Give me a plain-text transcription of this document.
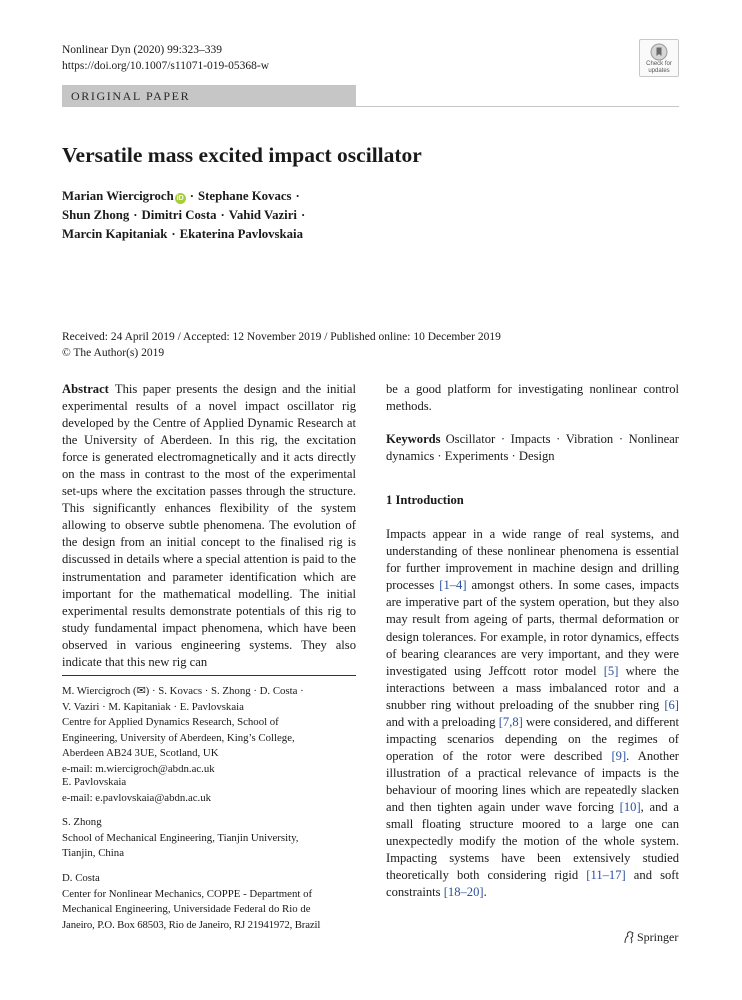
Nonlinear Dyn (2020) 99:323–339
https://doi.org/10.1007/s11071-019-05368-w	Check for
updates
ORIGINAL PAPER
Versatile mass excited impact oscillator
Marian Wiercigroch iD · Stephane Kovacs ·
Shun Zhong · Dimitri Costa · Vahid Vaziri ·
Marcin Kapitaniak · Ekaterina Pavlovskaia
Received: 24 April 2019 / Accepted: 12 November 2019 / Published online: 10 December 2019
© The Author(s) 2019
Abstract This paper presents the design and the initial experimental results of a novel impact oscillator rig developed by the Centre of Applied Dynamic Research at the University of Aberdeen. In this rig, the excitation force is generated electromagnetically and it acts directly on the mass in contrast to the most of the experimental set-ups where the excitation passes through the structure. This significantly enhances flexibility of the system allowing to observe subtle phenomena. The evolution of the design from an initial concept to the finalised rig is discussed in details where a special attention is paid to the instrumentation and parameter identification which are important for the mathematical modelling. The initial experimental results demonstrate potentials of this rig to study fundamental impact phenomena, which have been observed in various engineering systems. They also indicate that this new rig can

be a good platform for investigating nonlinear control methods.

Keywords Oscillator · Impacts · Vibration · Nonlinear dynamics · Experiments · Design

1 Introduction

Impacts appear in a wide range of real systems, and understanding of these nonlinear phenomena is essential for further improvement in machine design and drilling processes [1–4] amongst others. In some cases, impacts are imperative part of the system operation, but they also may result from ageing of parts, thermal deformation or design tolerances. For example, in rotor dynamics, effects of bearing clearances are very important, and they were investigated using Jeffcott rotor model [5] where the interactions between a mass imbalanced rotor and a snubber ring without preloading of the snubber ring [6] and with a preloading [7,8] were considered, and different impacting scenarios depending on the regimes of operation of the rotor were described [9]. Another illustration of a practical relevance of impacts is the behaviour of mooring lines which are repeatedly slacken and then tighten again under wave forcing [10], and a small floating structure moored to a large one can unexpectedly modify the motion of the whole system. Impacting systems have been extensively studied theoretically both considering rigid [11–17] and soft constraints [18–20].

M. Wiercigroch (✉) · S. Kovacs · S. Zhong · D. Costa ·
V. Vaziri · M. Kapitaniak · E. Pavlovskaia
Centre for Applied Dynamics Research, School of
Engineering, University of Aberdeen, King’s College,
Aberdeen AB24 3UE, Scotland, UK
e-mail: m.wiercigroch@abdn.ac.uk
E. Pavlovskaia
e-mail: e.pavlovskaia@abdn.ac.uk
S. Zhong
School of Mechanical Engineering, Tianjin University,
Tianjin, China
D. Costa
Center for Nonlinear Mechanics, COPPE - Department of
Mechanical Engineering, Universidade Federal do Rio de
Janeiro, P.O. Box 68503, Rio de Janeiro, RJ 21941972, Brazil
Springer
